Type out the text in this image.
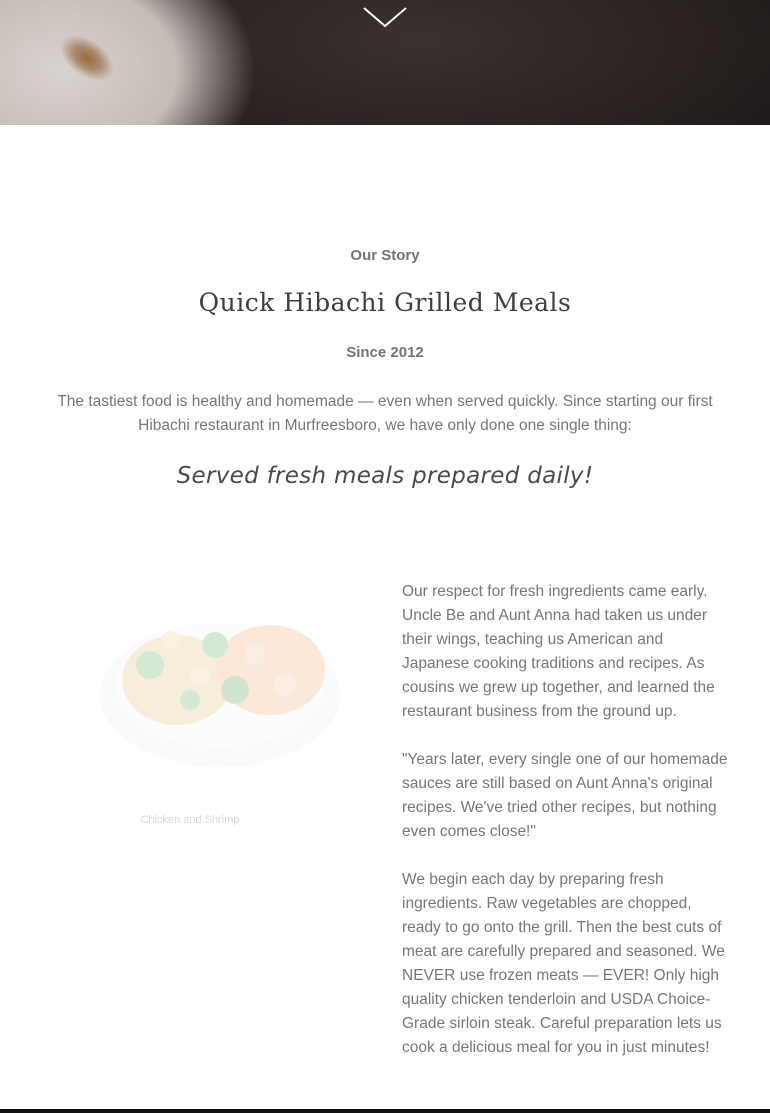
Our Story
Quick Hibachi Grilled Meals
Since 2012
The tastiest food is healthy and homemade — even when served quickly. Since starting our first Hibachi restaurant in Murfreesboro, we have only done one single thing:
Served fresh meals prepared daily!
Chicken and Shrimp

Our respect for fresh ingredients came early. Uncle Be and Aunt Anna had taken us under their wings, teaching us American and Japanese cooking traditions and recipes. As cousins we grew up together, and learned the restaurant business from the ground up.

"Years later, every single one of our homemade sauces are still based on Aunt Anna's original recipes. We've tried other recipes, but nothing even comes close!"

We begin each day by preparing fresh ingredients. Raw vegetables are chopped, ready to go onto the grill. Then the best cuts of meat are carefully prepared and seasoned. We NEVER use frozen meats — EVER! Only high quality chicken tenderloin and USDA Choice-Grade sirloin steak. Careful preparation lets us cook a delicious meal for you in just minutes!
